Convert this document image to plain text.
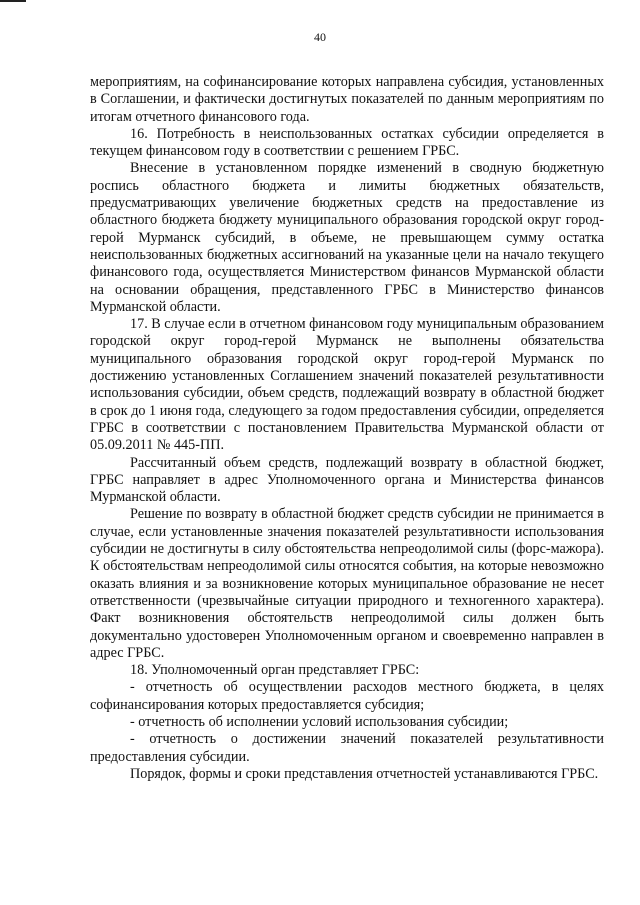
40

мероприятиям, на софинансирование которых направлена субсидия, установленных в Соглашении, и фактически достигнутых показателей по данным мероприятиям по итогам отчетного финансового года.

16. Потребность в неиспользованных остатках субсидии определяется в текущем финансовом году в соответствии с решением ГРБС.

Внесение в установленном порядке изменений в сводную бюджетную роспись областного бюджета и лимиты бюджетных обязательств, предусматривающих увеличение бюджетных средств на предоставление из областного бюджета бюджету муниципального образования городской округ город-герой Мурманск субсидий, в объеме, не превышающем сумму остатка неиспользованных бюджетных ассигнований на указанные цели на начало текущего финансового года, осуществляется Министерством финансов Мурманской области на основании обращения, представленного ГРБС в Министерство финансов Мурманской области.

17. В случае если в отчетном финансовом году муниципальным образованием городской округ город-герой Мурманск не выполнены обязательства муниципального образования городской округ город-герой Мурманск по достижению установленных Соглашением значений показателей результативности использования субсидии, объем средств, подлежащий возврату в областной бюджет в срок до 1 июня года, следующего за годом предоставления субсидии, определяется ГРБС в соответствии с постановлением Правительства Мурманской области от 05.09.2011 № 445-ПП.

Рассчитанный объем средств, подлежащий возврату в областной бюджет, ГРБС направляет в адрес Уполномоченного органа и Министерства финансов Мурманской области.

Решение по возврату в областной бюджет средств субсидии не принимается в случае, если установленные значения показателей результативности использования субсидии не достигнуты в силу обстоятельства непреодолимой силы (форс-мажора). К обстоятельствам непреодолимой силы относятся события, на которые невозможно оказать влияния и за возникновение которых муниципальное образование не несет ответственности (чрезвычайные ситуации природного и техногенного характера). Факт возникновения обстоятельств непреодолимой силы должен быть документально удостоверен Уполномоченным органом и своевременно направлен в адрес ГРБС.

18. Уполномоченный орган представляет ГРБС:

- отчетность об осуществлении расходов местного бюджета, в целях софинансирования которых предоставляется субсидия;

- отчетность об исполнении условий использования субсидии;

- отчетность о достижении значений показателей результативности предоставления субсидии.

Порядок, формы и сроки представления отчетностей устанавливаются ГРБС.
